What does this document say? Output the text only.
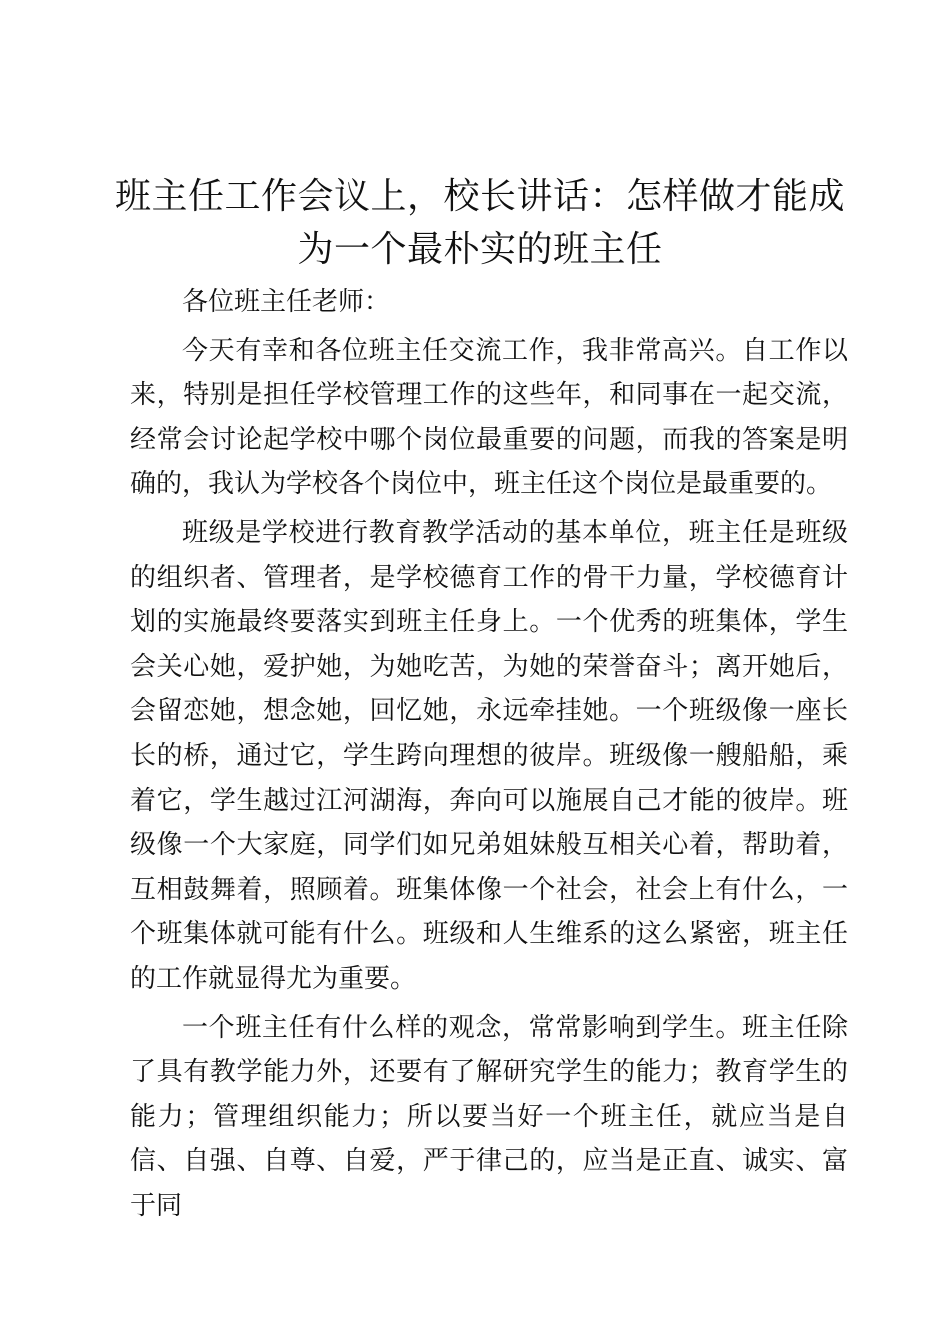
班主任工作会议上，校长讲话：怎样做才能成为一个最朴实的班主任

各位班主任老师：

今天有幸和各位班主任交流工作，我非常高兴。自工作以来，特别是担任学校管理工作的这些年，和同事在一起交流，经常会讨论起学校中哪个岗位最重要的问题，而我的答案是明确的，我认为学校各个岗位中，班主任这个岗位是最重要的。

班级是学校进行教育教学活动的基本单位，班主任是班级的组织者、管理者，是学校德育工作的骨干力量，学校德育计划的实施最终要落实到班主任身上。一个优秀的班集体，学生会关心她，爱护她，为她吃苦，为她的荣誉奋斗；离开她后，会留恋她，想念她，回忆她，永远牵挂她。一个班级像一座长长的桥，通过它，学生跨向理想的彼岸。班级像一艘船船，乘着它，学生越过江河湖海，奔向可以施展自己才能的彼岸。班级像一个大家庭，同学们如兄弟姐妹般互相关心着，帮助着，互相鼓舞着，照顾着。班集体像一个社会，社会上有什么，一个班集体就可能有什么。班级和人生维系的这么紧密，班主任的工作就显得尤为重要。

一个班主任有什么样的观念，常常影响到学生。班主任除了具有教学能力外，还要有了解研究学生的能力；教育学生的能力；管理组织能力；所以要当好一个班主任，就应当是自信、自强、自尊、自爱，严于律己的，应当是正直、诚实、富于同
